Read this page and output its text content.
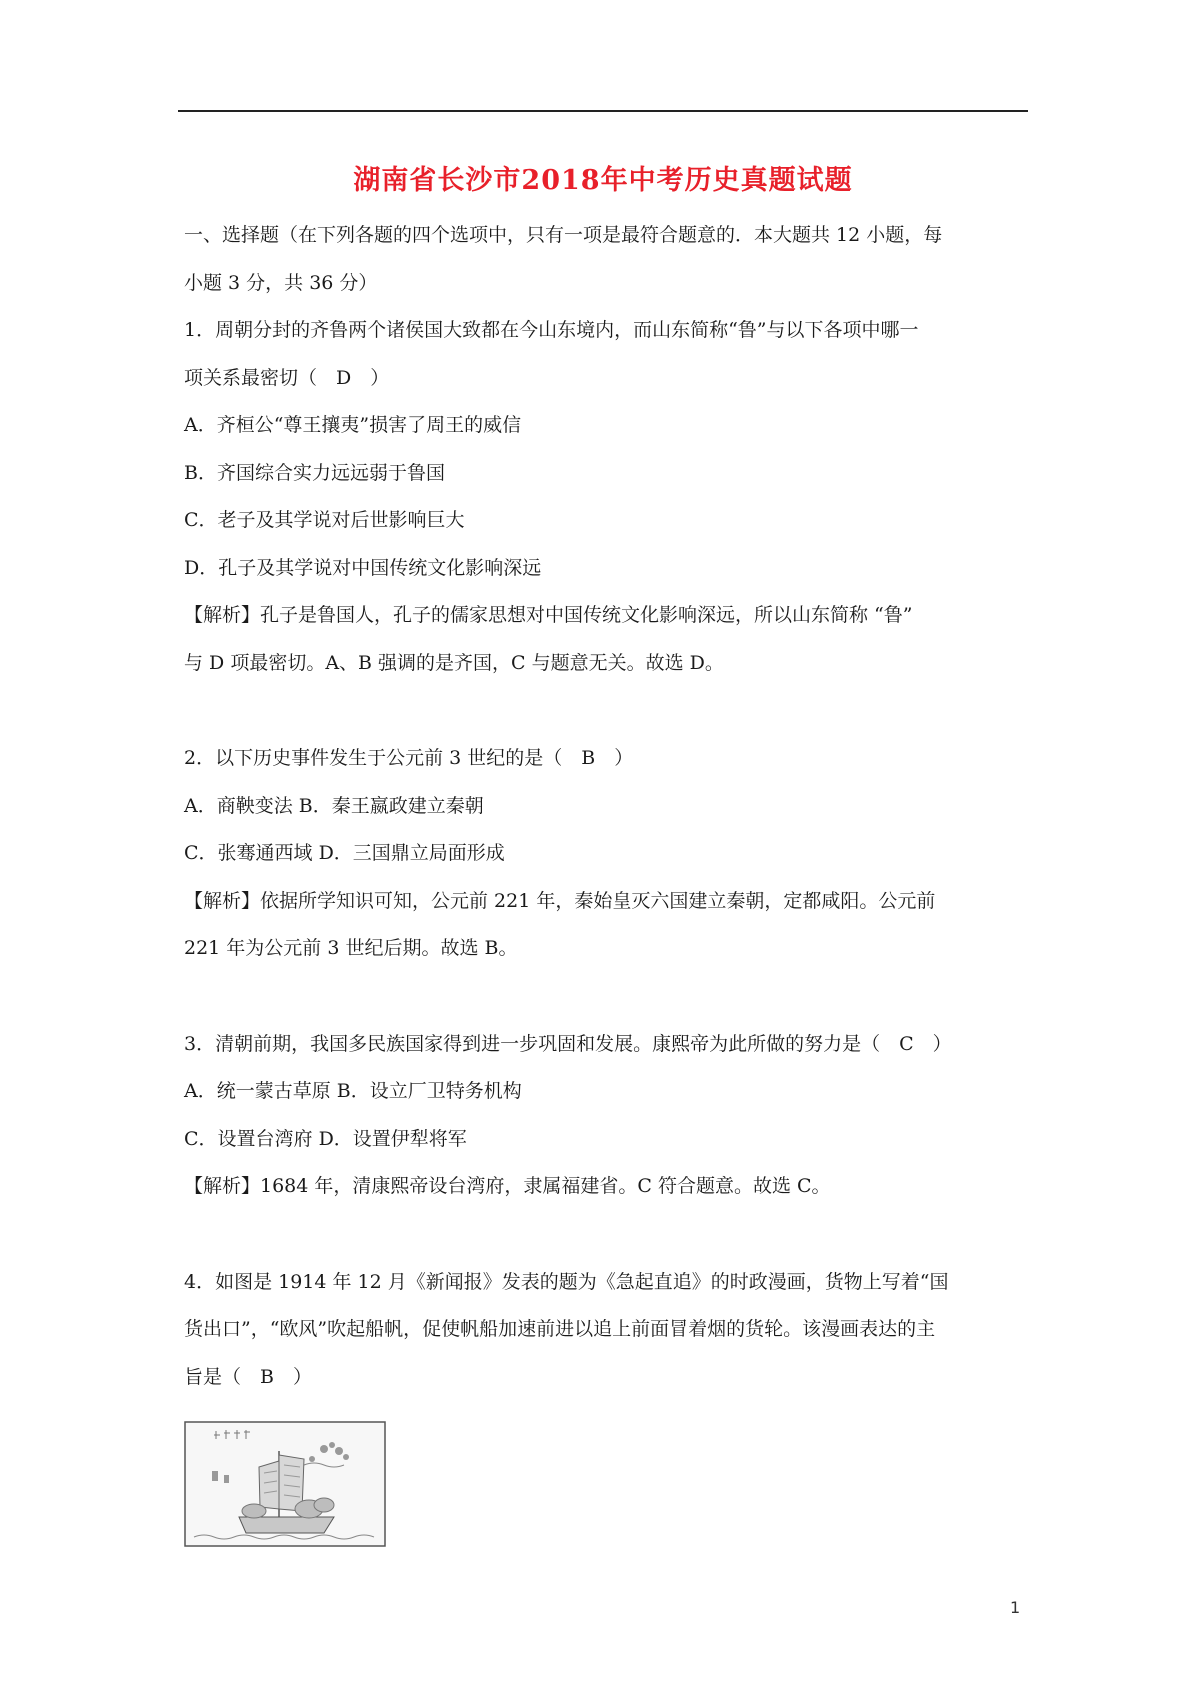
湖南省长沙市2018年中考历史真题试题
一、选择题（在下列各题的四个选项中，只有一项是最符合题意的．本大题共 12 小题，每
小题 3 分，共 36 分）
1．周朝分封的齐鲁两个诸侯国大致都在今山东境内，而山东简称“鲁”与以下各项中哪一
项关系最密切（　D　）
A．齐桓公“尊王攘夷”损害了周王的威信
B．齐国综合实力远远弱于鲁国
C．老子及其学说对后世影响巨大
D．孔子及其学说对中国传统文化影响深远
【解析】孔子是鲁国人，孔子的儒家思想对中国传统文化影响深远，所以山东简称 “鲁”
与 D 项最密切。A、B 强调的是齐国，C 与题意无关。故选 D。
2．以下历史事件发生于公元前 3 世纪的是（　B　）
A．商鞅变法 B．秦王嬴政建立秦朝
C．张骞通西域 D．三国鼎立局面形成
【解析】依据所学知识可知，公元前 221 年，秦始皇灭六国建立秦朝，定都咸阳。公元前
221 年为公元前 3 世纪后期。故选 B。
3．清朝前期，我国多民族国家得到进一步巩固和发展。康熙帝为此所做的努力是（　C　）
A．统一蒙古草原 B．设立厂卫特务机构
C．设置台湾府 D．设置伊犁将军
【解析】1684 年，清康熙帝设台湾府，隶属福建省。C 符合题意。故选 C。
4．如图是 1914 年 12 月《新闻报》发表的题为《急起直追》的时政漫画，货物上写着“国
货出口”，“欧风”吹起船帆，促使帆船加速前进以追上前面冒着烟的货轮。该漫画表达的主
旨是（　B　）
1
